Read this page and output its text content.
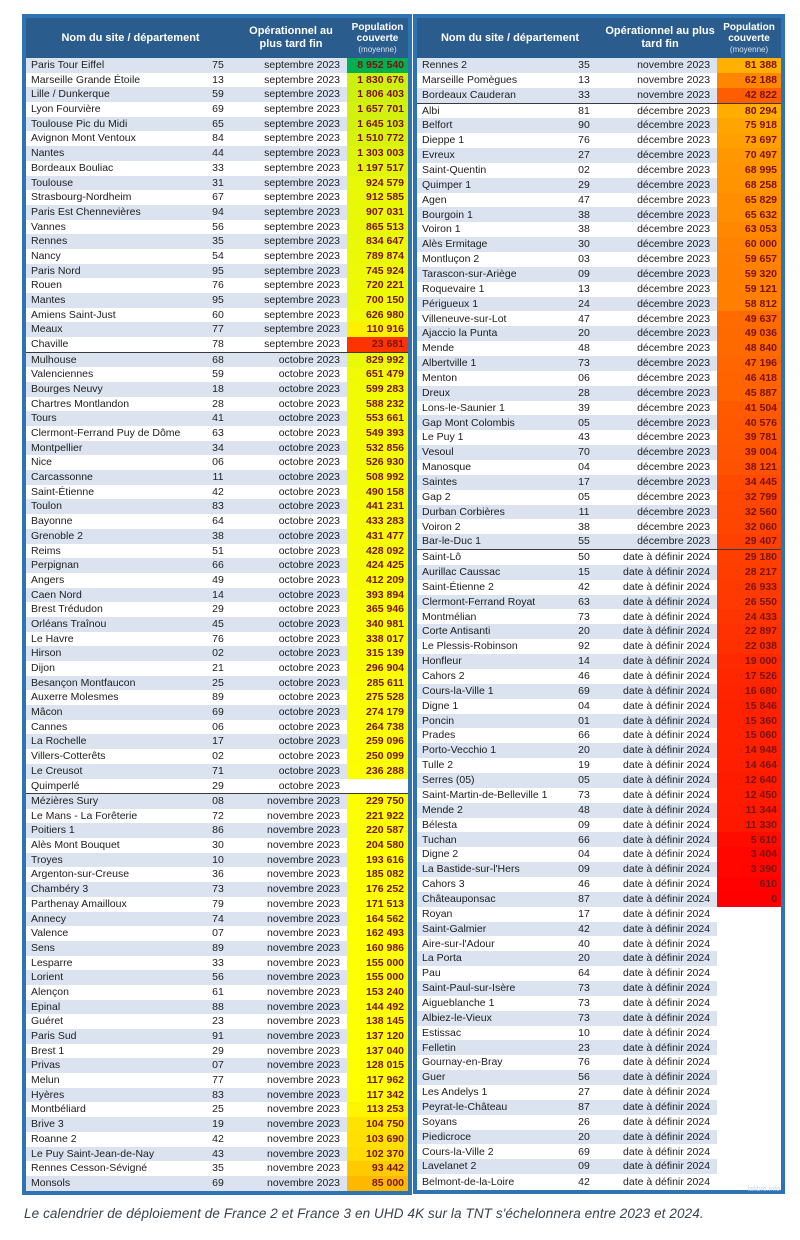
Nom du site / département		Opérationnel au plus tard fin	Population couverte
(moyenne)

Paris Tour Eiffel	75	septembre 2023	8 952 540
Marseille Grande Étoile	13	septembre 2023	1 830 676
Lille / Dunkerque	59	septembre 2023	1 806 403
Lyon Fourvière	69	septembre 2023	1 657 701
Toulouse Pic du Midi	65	septembre 2023	1 645 103
Avignon Mont Ventoux	84	septembre 2023	1 510 772
Nantes	44	septembre 2023	1 303 003
Bordeaux Bouliac	33	septembre 2023	1 197 517
Toulouse	31	septembre 2023	924 579
Strasbourg-Nordheim	67	septembre 2023	912 585
Paris Est Chennevières	94	septembre 2023	907 031
Vannes	56	septembre 2023	865 513
Rennes	35	septembre 2023	834 647
Nancy	54	septembre 2023	789 874
Paris Nord	95	septembre 2023	745 924
Rouen	76	septembre 2023	720 221
Mantes	95	septembre 2023	700 150
Amiens Saint-Just	60	septembre 2023	626 980
Meaux	77	septembre 2023	110 916
Chaville	78	septembre 2023	23 681
Mulhouse	68	octobre 2023	829 992
Valenciennes	59	octobre 2023	651 479
Bourges Neuvy	18	octobre 2023	599 283
Chartres Montlandon	28	octobre 2023	588 232
Tours	41	octobre 2023	553 661
Clermont-Ferrand Puy de Dôme	63	octobre 2023	549 393
Montpellier	34	octobre 2023	532 856
Nice	06	octobre 2023	526 930
Carcassonne	11	octobre 2023	508 992
Saint-Étienne	42	octobre 2023	490 158
Toulon	83	octobre 2023	441 231
Bayonne	64	octobre 2023	433 283
Grenoble 2	38	octobre 2023	431 477
Reims	51	octobre 2023	428 092
Perpignan	66	octobre 2023	424 425
Angers	49	octobre 2023	412 209
Caen Nord	14	octobre 2023	393 894
Brest Trédudon	29	octobre 2023	365 946
Orléans Traînou	45	octobre 2023	340 981
Le Havre	76	octobre 2023	338 017
Hirson	02	octobre 2023	315 139
Dijon	21	octobre 2023	296 904
Besançon Montfaucon	25	octobre 2023	285 611
Auxerre Molesmes	89	octobre 2023	275 528
Mâcon	69	octobre 2023	274 179
Cannes	06	octobre 2023	264 738
La Rochelle	17	octobre 2023	259 096
Villers-Cotterêts	02	octobre 2023	250 099
Le Creusot	71	octobre 2023	236 288
Quimperlé	29	octobre 2023	
Mézières Sury	08	novembre 2023	229 750
Le Mans - La Forêterie	72	novembre 2023	221 922
Poitiers 1	86	novembre 2023	220 587
Alès Mont Bouquet	30	novembre 2023	204 580
Troyes	10	novembre 2023	193 616
Argenton-sur-Creuse	36	novembre 2023	185 082
Chambéry 3	73	novembre 2023	176 252
Parthenay Amailloux	79	novembre 2023	171 513
Annecy	74	novembre 2023	164 562
Valence	07	novembre 2023	162 493
Sens	89	novembre 2023	160 986
Lesparre	33	novembre 2023	155 000
Lorient	56	novembre 2023	155 000
Alençon	61	novembre 2023	153 240
Epinal	88	novembre 2023	144 492
Guéret	23	novembre 2023	138 145
Paris Sud	91	novembre 2023	137 120
Brest 1	29	novembre 2023	137 040
Privas	07	novembre 2023	128 015
Melun	77	novembre 2023	117 962
Hyères	83	novembre 2023	117 342
Montbéliard	25	novembre 2023	113 253
Brive 3	19	novembre 2023	104 750
Roanne 2	42	novembre 2023	103 690
Le Puy Saint-Jean-de-Nay	43	novembre 2023	102 370
Rennes Cesson-Sévigné	35	novembre 2023	93 442
Monsols	69	novembre 2023	85 000
Nom du site / département		Opérationnel au plus tard fin	Population couverte
(moyenne)

Rennes 2	35	novembre 2023	81 388
Marseille Pomègues	13	novembre 2023	62 188
Bordeaux Cauderan	33	novembre 2023	42 822
Albi	81	décembre 2023	80 294
Belfort	90	décembre 2023	75 918
Dieppe 1	76	décembre 2023	73 697
Evreux	27	décembre 2023	70 497
Saint-Quentin	02	décembre 2023	68 995
Quimper 1	29	décembre 2023	68 258
Agen	47	décembre 2023	65 829
Bourgoin 1	38	décembre 2023	65 632
Voiron 1	38	décembre 2023	63 053
Alès Ermitage	30	décembre 2023	60 000
Montluçon 2	03	décembre 2023	59 657
Tarascon-sur-Ariège	09	décembre 2023	59 320
Roquevaire 1	13	décembre 2023	59 121
Périgueux 1	24	décembre 2023	58 812
Villeneuve-sur-Lot	47	décembre 2023	49 637
Ajaccio la Punta	20	décembre 2023	49 036
Mende	48	décembre 2023	48 840
Albertville 1	73	décembre 2023	47 196
Menton	06	décembre 2023	46 418
Dreux	28	décembre 2023	45 887
Lons-le-Saunier 1	39	décembre 2023	41 504
Gap Mont Colombis	05	décembre 2023	40 576
Le Puy 1	43	décembre 2023	39 781
Vesoul	70	décembre 2023	39 004
Manosque	04	décembre 2023	38 121
Saintes	17	décembre 2023	34 445
Gap 2	05	décembre 2023	32 799
Durban Corbières	11	décembre 2023	32 560
Voiron 2	38	décembre 2023	32 060
Bar-le-Duc 1	55	décembre 2023	29 407
Saint-Lô	50	date à définir 2024	29 180
Aurillac Caussac	15	date à définir 2024	28 217
Saint-Étienne 2	42	date à définir 2024	26 933
Clermont-Ferrand Royat	63	date à définir 2024	26 550
Montmélian	73	date à définir 2024	24 433
Corte Antisanti	20	date à définir 2024	22 897
Le Plessis-Robinson	92	date à définir 2024	22 038
Honfleur	14	date à définir 2024	19 000
Cahors 2	46	date à définir 2024	17 526
Cours-la-Ville 1	69	date à définir 2024	16 680
Digne 1	04	date à définir 2024	15 846
Poncin	01	date à définir 2024	15 360
Prades	66	date à définir 2024	15 060
Porto-Vecchio 1	20	date à définir 2024	14 948
Tulle 2	19	date à définir 2024	14 464
Serres (05)	05	date à définir 2024	12 640
Saint-Martin-de-Belleville 1	73	date à définir 2024	12 450
Mende 2	48	date à définir 2024	11 344
Bélesta	09	date à définir 2024	11 330
Tuchan	66	date à définir 2024	5 610
Digne 2	04	date à définir 2024	3 404
La Bastide-sur-l'Hers	09	date à définir 2024	3 390
Cahors 3	46	date à définir 2024	610
Châteauponsac	87	date à définir 2024	0
Royan	17	date à définir 2024	
Saint-Galmier	42	date à définir 2024	
Aire-sur-l'Adour	40	date à définir 2024	
La Porta	20	date à définir 2024	
Pau	64	date à définir 2024	
Saint-Paul-sur-Isère	73	date à définir 2024	
Aigueblanche 1	73	date à définir 2024	
Albiez-le-Vieux	73	date à définir 2024	
Estissac	10	date à définir 2024	
Felletin	23	date à définir 2024	
Gournay-en-Bray	76	date à définir 2024	
Guer	56	date à définir 2024	
Les Andelys 1	27	date à définir 2024	
Peyrat-le-Château	87	date à définir 2024	
Soyans	26	date à définir 2024	
Piedicroce	20	date à définir 2024	
Cours-la-Ville 2	69	date à définir 2024	
Lavelanet 2	09	date à définir 2024	
Belmont-de-la-Loire	42	date à définir 2024	
lafibre.info
Le calendrier de déploiement de France 2 et France 3 en UHD 4K sur la TNT s'échelonnera entre 2023 et 2024.
